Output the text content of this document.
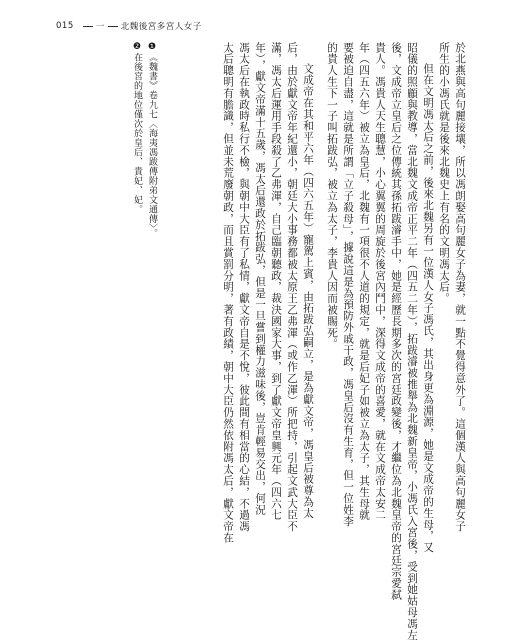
015	一 北魏後宮多宮人女子
於北燕與高句麗接壤，所以馮朗娶高句麗女子為妻，就一點不覺得意外了。這個漢人與高句麗女子
所生的小馮氏就是後來北魏史上有名的文明馮太后。
但在文明馮太后之前，後來北魏另有一位漢人女子馮氏，其出身更為淵源，她是文成帝的生母，又
昭儀的照顧與教導，當北魏文成帝正平二年（四五二年），拓跋濬被推舉為北魏新皇帝，小馮氏入宮後，受到她姑母馮左
後，文成帝立皇后之位傳統其孫拓跋濬手中，她是經歷長期多次的宮廷政變後，才繼位為北魏皇帝的宮廷宗愛弑
貴人。馮貴人天生聰慧，小心翼翼的周旋於後宮內鬥中，深得文成帝的喜愛，就在文成帝太安二
年（四五六年）被立為皇后，北魏有一項很不人道的規定，就是后妃子如被立為太子，其生母就
要被迫自盡，這就是所謂「立子殺母」，據說這是為預防外戚干政，馮皇后沒有生育，但一位姓李
的貴人生下一子叫拓跋弘，被立為太子，李貴人因而被賜死。
文成帝在其和平六年（四六五年）寵駕上賓，由拓跋弘嗣立，是為獻文帝，馮皇后被尊為太
后，由於獻文帝年紀還小，朝廷大小事務都被太原王乙弗渾（或作乙渾）所把持，引起文武大臣不
滿，馮太后運用手段殺了乙弗渾，自己臨朝聽政，裁決國家大事，到了獻文帝皇興元年（四六七
年），獻文帝滿十五歲，馮太后還政於拓跋弘，但是一旦嘗到權力滋味後，豈肯輕易交出，何況
馮太后在執政時私行不檢，與朝中大臣有了私情，獻文帝自是不悅，彼此間有相當的心結，不過馮
太后聰明有膽識，但並未荒廢朝政，而且賞罰分明，著有政績，朝中大臣仍然依附馮太后，獻文帝在
❶《魏書》卷九七〈海夷馮跋傳附弟文通傳〉。
❷在後宮的地位僅次於皇后、貴妃、妃。
